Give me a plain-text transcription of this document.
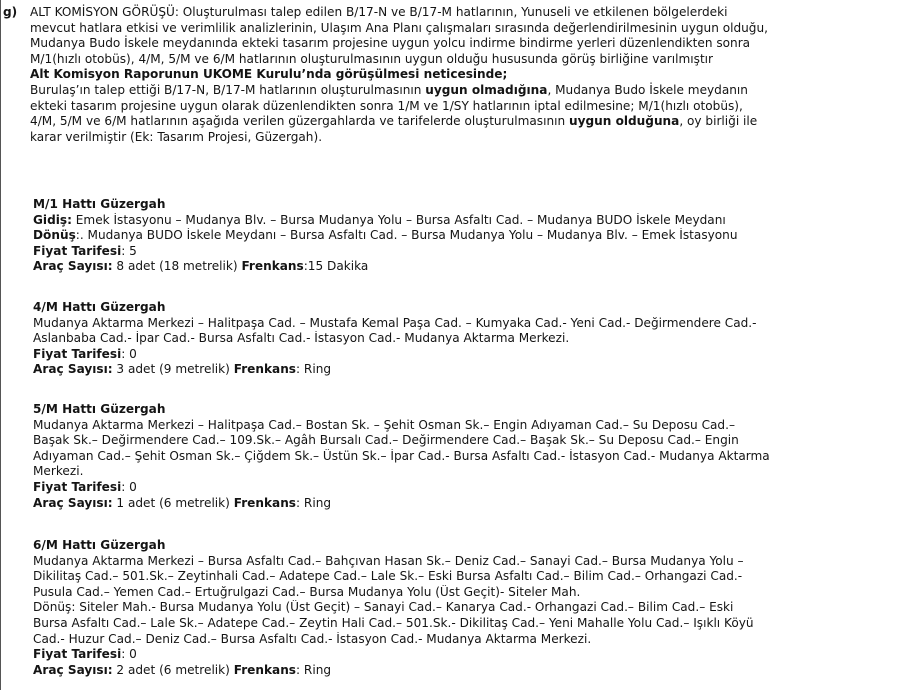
g) ALT KOMİSYON GÖRÜŞÜ: Oluşturulması talep edilen B/17-N ve B/17-M hatlarının, Yunuseli ve etkilenen bölgelerdeki

mevcut hatlara etkisi ve verimlilik analizlerinin, Ulaşım Ana Planı çalışmaları sırasında değerlendirilmesinin uygun olduğu,

Mudanya Budo İskele meydanında ekteki tasarım projesine uygun yolcu indirme bindirme yerleri düzenlendikten sonra

M/1(hızlı otobüs), 4/M, 5/M ve 6/M hatlarının oluşturulmasının uygun olduğu hususunda görüş birliğine varılmıştır

Alt Komisyon Raporunun UKOME Kurulu’nda görüşülmesi neticesinde;

Burulaş’ın talep ettiği B/17-N, B/17-M hatlarının oluşturulmasının uygun olmadığına, Mudanya Budo İskele meydanın

ekteki tasarım projesine uygun olarak düzenlendikten sonra 1/M ve 1/SY hatlarının iptal edilmesine; M/1(hızlı otobüs),

4/M, 5/M ve 6/M hatlarının aşağıda verilen güzergahlarda ve tarifelerde oluşturulmasının uygun olduğuna, oy birliği ile

karar verilmiştir (Ek: Tasarım Projesi, Güzergah).

M/1 Hattı Güzergah

Gidiş: Emek İstasyonu – Mudanya Blv. – Bursa Mudanya Yolu – Bursa Asfaltı Cad. – Mudanya BUDO İskele Meydanı

Dönüş:. Mudanya BUDO İskele Meydanı – Bursa Asfaltı Cad. – Bursa Mudanya Yolu – Mudanya Blv. – Emek İstasyonu

Fiyat Tarifesi: 5

Araç Sayısı: 8 adet (18 metrelik) Frenkans:15 Dakika

4/M Hattı Güzergah

Mudanya Aktarma Merkezi – Halitpaşa Cad. – Mustafa Kemal Paşa Cad. – Kumyaka Cad.- Yeni Cad.- Değirmendere Cad.-

Aslanbaba Cad.- İpar Cad.- Bursa Asfaltı Cad.- İstasyon Cad.- Mudanya Aktarma Merkezi.

Fiyat Tarifesi: 0

Araç Sayısı: 3 adet (9 metrelik) Frenkans: Ring

5/M Hattı Güzergah

Mudanya Aktarma Merkezi – Halitpaşa Cad.– Bostan Sk. – Şehit Osman Sk.– Engin Adıyaman Cad.– Su Deposu Cad.–

Başak Sk.– Değirmendere Cad.– 109.Sk.– Agâh Bursalı Cad.– Değirmendere Cad.– Başak Sk.– Su Deposu Cad.– Engin

Adıyaman Cad.– Şehit Osman Sk.– Çiğdem Sk.– Üstün Sk.– İpar Cad.- Bursa Asfaltı Cad.- İstasyon Cad.- Mudanya Aktarma

Merkezi.

Fiyat Tarifesi: 0

Araç Sayısı: 1 adet (6 metrelik) Frenkans: Ring

6/M Hattı Güzergah

Mudanya Aktarma Merkezi – Bursa Asfaltı Cad.– Bahçıvan Hasan Sk.– Deniz Cad.– Sanayi Cad.– Bursa Mudanya Yolu –

Dikilitaş Cad.– 501.Sk.– Zeytinhali Cad.– Adatepe Cad.– Lale Sk.– Eski Bursa Asfaltı Cad.– Bilim Cad.– Orhangazi Cad.-

Pusula Cad.– Yemen Cad.– Ertuğrulgazi Cad.– Bursa Mudanya Yolu (Üst Geçit)- Siteler Mah.

Dönüş: Siteler Mah.- Bursa Mudanya Yolu (Üst Geçit) – Sanayi Cad.– Kanarya Cad.- Orhangazi Cad.– Bilim Cad.– Eski

Bursa Asfaltı Cad.– Lale Sk.– Adatepe Cad.– Zeytin Hali Cad.– 501.Sk.- Dikilitaş Cad.– Yeni Mahalle Yolu Cad.– Işıklı Köyü

Cad.- Huzur Cad.– Deniz Cad.– Bursa Asfaltı Cad.- İstasyon Cad.- Mudanya Aktarma Merkezi.

Fiyat Tarifesi: 0

Araç Sayısı: 2 adet (6 metrelik) Frenkans: Ring
